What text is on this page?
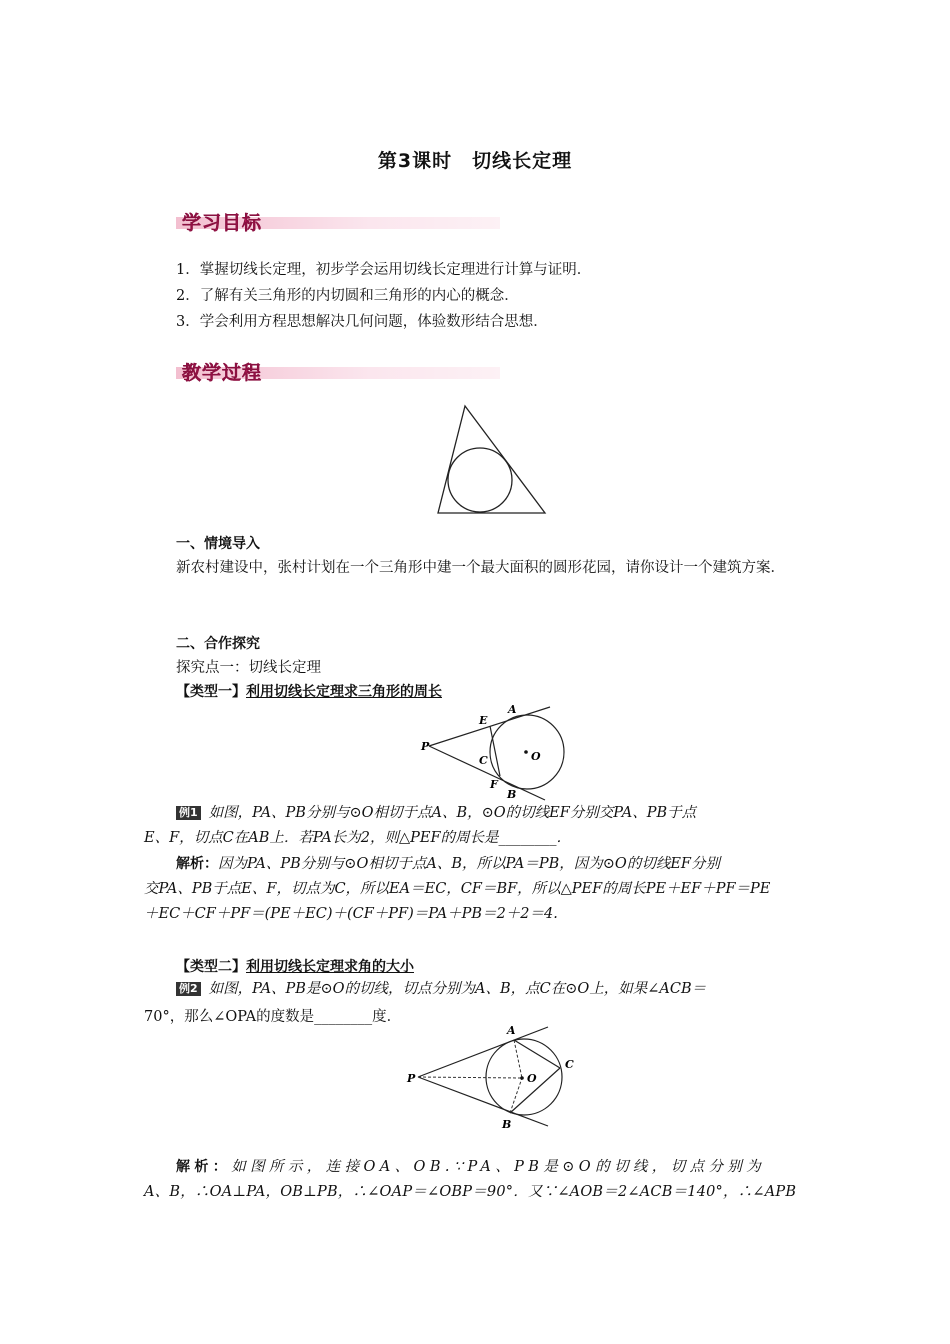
第3课时　切线长定理
学习目标
1．掌握切线长定理，初步学会运用切线长定理进行计算与证明．
2．了解有关三角形的内切圆和三角形的内心的概念．
3．学会利用方程思想解决几何问题，体验数形结合思想．
教学过程
一、情境导入
新农村建设中，张村计划在一个三角形中建一个最大面积的圆形花园，请你设计一个建筑方案．
二、合作探究
探究点一：切线长定理
【类型一】利用切线长定理求三角形的周长
P
E
A
C	O
F
B
例1 如图，PA、PB分别与⊙O相切于点A、B，⊙O的切线EF分别交PA、PB于点
E、F，切点C在AB上．若PA长为2，则△PEF的周长是________．
解析：因为PA、PB分别与⊙O相切于点A、B，所以PA＝PB，因为⊙O的切线EF分别
交PA、PB于点E、F，切点为C，所以EA＝EC，CF＝BF，所以△PEF的周长PE＋EF＋PF＝PE
＋EC＋CF＋PF＝(PE＋EC)＋(CF＋PF)＝PA＋PB＝2＋2＝4.
【类型二】利用切线长定理求角的大小
例2 如图，PA、PB是⊙O的切线，切点分别为A、B，点C在⊙O上，如果∠ACB＝
70°，那么∠OPA的度数是________度．
P
A
O
C
B
解析：如图所示，连接OA、OB.∵PA、PB是⊙O的切线，切点分别为
A、B，∴OA⊥PA，OB⊥PB，∴∠OAP＝∠OBP＝90°．又∵∠AOB＝2∠ACB＝140°，∴∠APB
